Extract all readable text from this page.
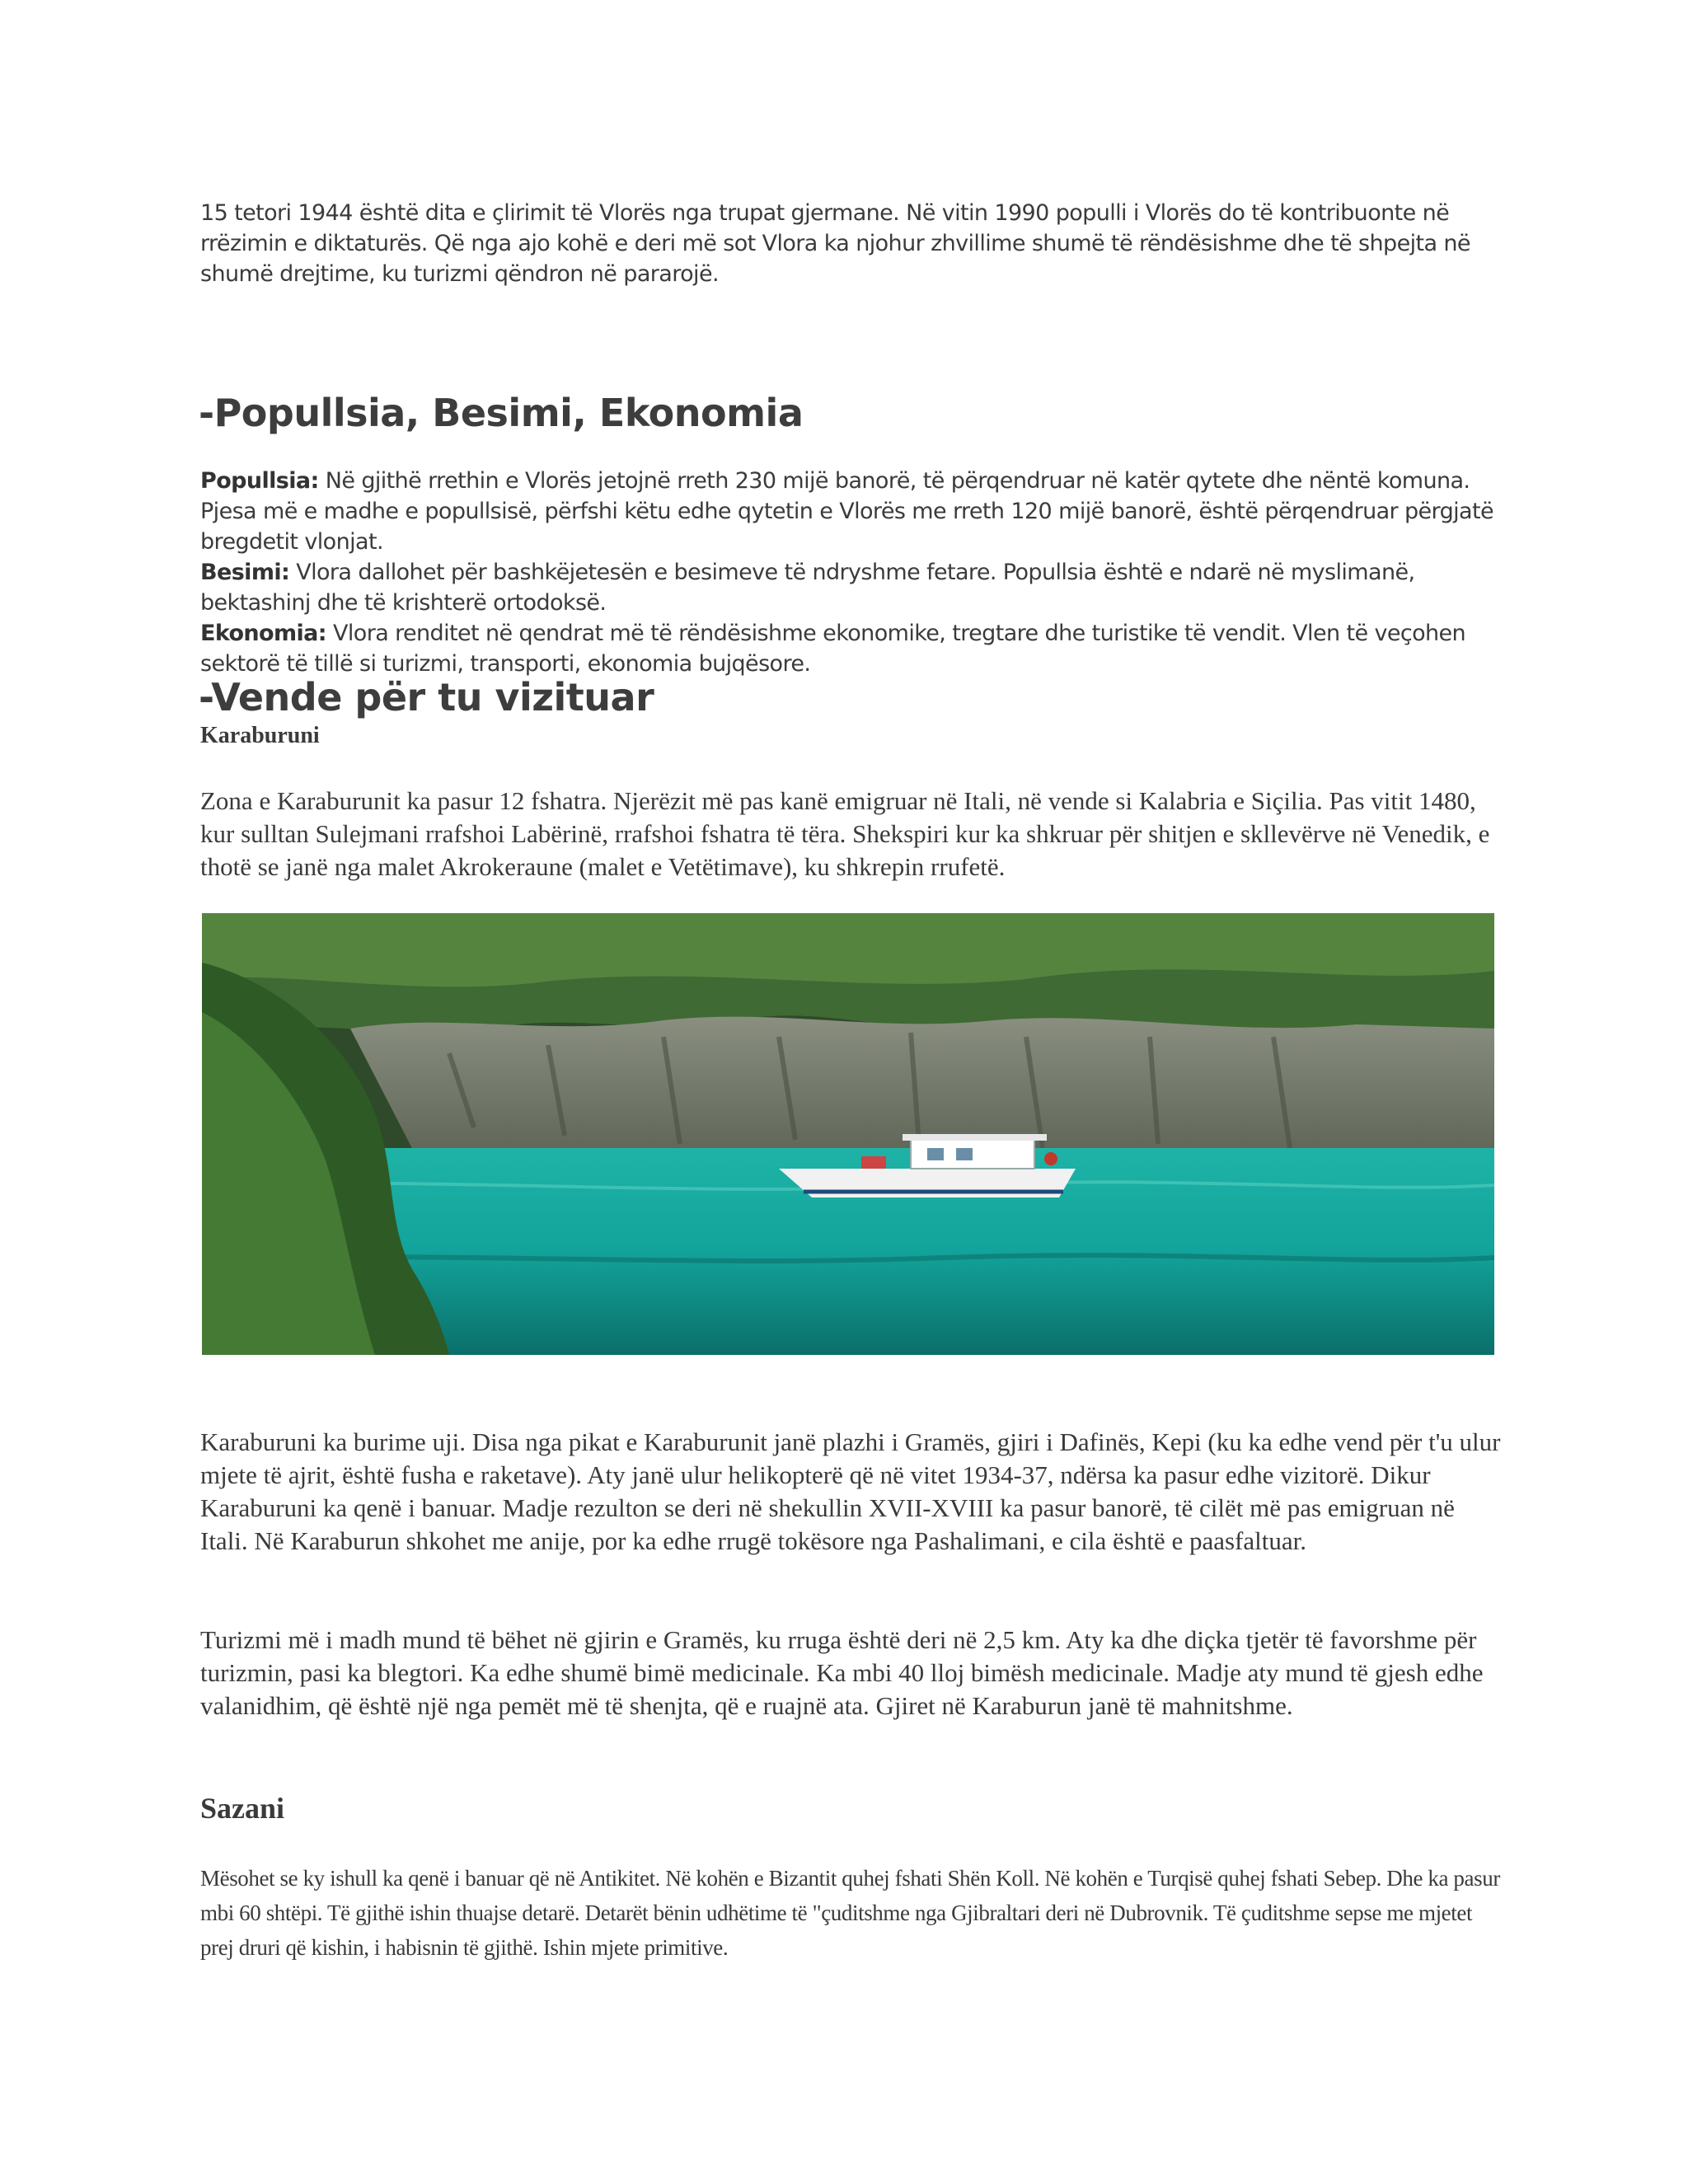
15 tetori 1944 është dita e çlirimit të Vlorës nga trupat gjermane. Në vitin 1990 populli i Vlorës do të kontribuonte në rrëzimin e diktaturës. Që nga ajo kohë e deri më sot Vlora ka njohur zhvillime shumë të rëndësishme dhe të shpejta në shumë drejtime, ku turizmi qëndron në pararojë.

-Popullsia, Besimi, Ekonomia
Popullsia: Në gjithë rrethin e Vlorës jetojnë rreth 230 mijë banorë, të përqendruar në katër qytete dhe nëntë komuna. Pjesa më e madhe e popullsisë, përfshi këtu edhe qytetin e Vlorës me rreth 120 mijë banorë, është përqendruar përgjatë bregdetit vlonjat.
Besimi: Vlora dallohet për bashkëjetesën e besimeve të ndryshme fetare. Popullsia është e ndarë në myslimanë, bektashinj dhe të krishterë ortodoksë.
Ekonomia: Vlora renditet në qendrat më të rëndësishme ekonomike, tregtare dhe turistike të vendit. Vlen të veçohen sektorë të tillë si turizmi, transporti, ekonomia bujqësore.
-Vende për tu vizituar
Karaburuni

Zona e Karaburunit ka pasur 12 fshatra. Njerëzit më pas kanë emigruar në Itali, në vende si Kalabria e Siçilia. Pas vitit 1480, kur sulltan Sulejmani rrafshoi Labërinë, rrafshoi fshatra të tëra. Shekspiri kur ka shkruar për shitjen e skllevërve në Venedik, e thotë se janë nga malet Akrokeraune (malet e Vetëtimave), ku shkrepin rrufetë.

Karaburuni ka burime uji. Disa nga pikat e Karaburunit janë plazhi i Gramës, gjiri i Dafinës, Kepi (ku ka edhe vend për t'u ulur mjete të ajrit, është fusha e raketave). Aty janë ulur helikopterë që në vitet 1934-37, ndërsa ka pasur edhe vizitorë. Dikur Karaburuni ka qenë i banuar. Madje rezulton se deri në shekullin XVII-XVIII ka pasur banorë, të cilët më pas emigruan në Itali. Në Karaburun shkohet me anije, por ka edhe rrugë tokësore nga Pashalimani, e cila është e paasfaltuar.

Turizmi më i madh mund të bëhet në gjirin e Gramës, ku rruga është deri në 2,5 km. Aty ka dhe diçka tjetër të favorshme për turizmin, pasi ka blegtori. Ka edhe shumë bimë medicinale. Ka mbi 40 lloj bimësh medicinale. Madje aty mund të gjesh edhe valanidhim, që është një nga pemët më të shenjta, që e ruajnë ata. Gjiret në Karaburun janë të mahnitshme.

Sazani

Mësohet se ky ishull ka qenë i banuar që në Antikitet. Në kohën e Bizantit quhej fshati Shën Koll. Në kohën e Turqisë quhej fshati Sebep. Dhe ka pasur mbi 60 shtëpi. Të gjithë ishin thuajse detarë. Detarët bënin udhëtime të "çuditshme nga Gjibraltari deri në Dubrovnik. Të çuditshme sepse me mjetet prej druri që kishin, i habisnin të gjithë. Ishin mjete primitive.
